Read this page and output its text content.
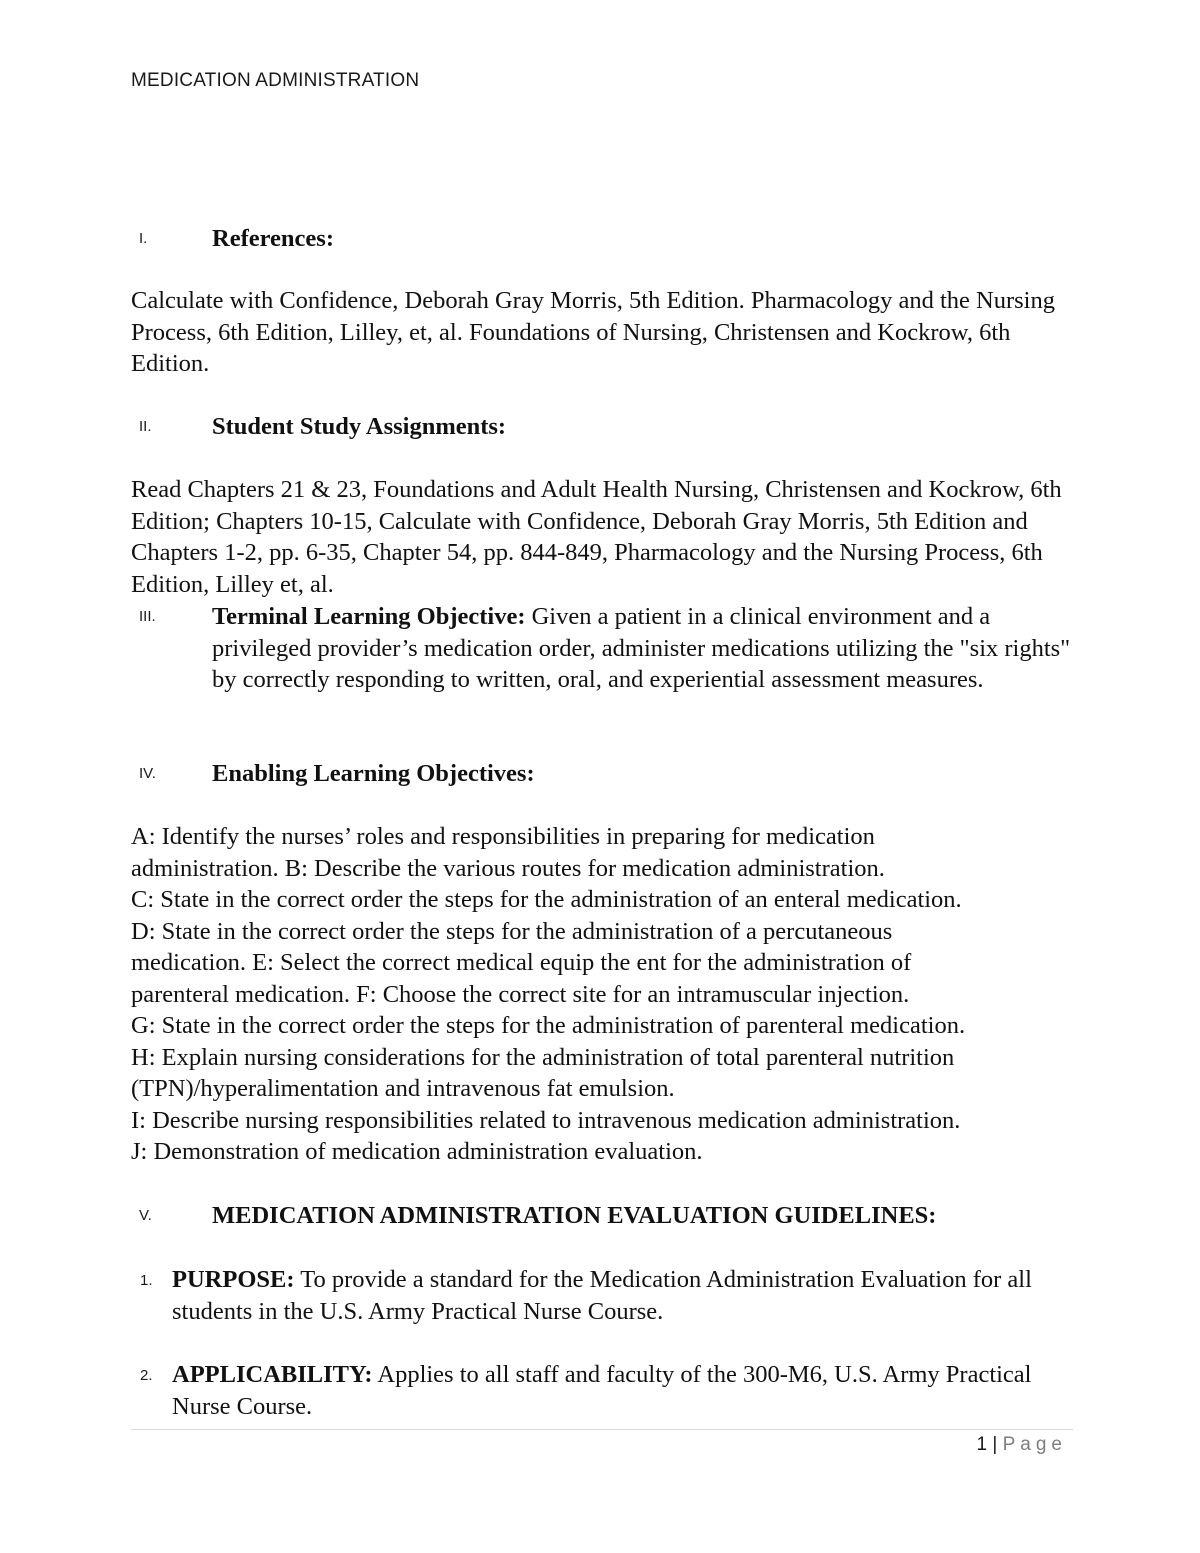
MEDICATION ADMINISTRATION
I.	References:

Calculate with Confidence, Deborah Gray Morris, 5th Edition. Pharmacology and the Nursing Process, 6th Edition, Lilley, et, al. Foundations of Nursing, Christensen and Kockrow, 6th Edition.

II. Student Study Assignments:

Read Chapters 21 & 23, Foundations and Adult Health Nursing, Christensen and Kockrow, 6th Edition; Chapters 10-15, Calculate with Confidence, Deborah Gray Morris, 5th Edition and Chapters 1-2, pp. 6-35, Chapter 54, pp. 844-849, Pharmacology and the Nursing Process, 6th Edition, Lilley et, al.

III. Terminal Learning Objective: Given a patient in a clinical environment and a privileged provider’s medication order, administer medications utilizing the "six rights" by correctly responding to written, oral, and experiential assessment measures.

IV. Enabling Learning Objectives:
A: Identify the nurses’ roles and responsibilities in preparing for medication
administration. B: Describe the various routes for medication administration.
C: State in the correct order the steps for the administration of an enteral medication.
D: State in the correct order the steps for the administration of a percutaneous
medication. E: Select the correct medical equip the ent for the administration of
parenteral medication. F: Choose the correct site for an intramuscular injection.
G: State in the correct order the steps for the administration of parenteral medication.
H: Explain nursing considerations for the administration of total parenteral nutrition
(TPN)/hyperalimentation and intravenous fat emulsion.
I: Describe nursing responsibilities related to intravenous medication administration.
J: Demonstration of medication administration evaluation.
V. MEDICATION ADMINISTRATION EVALUATION GUIDELINES:
1. PURPOSE: To provide a standard for the Medication Administration Evaluation for all students in the U.S. Army Practical Nurse Course.

2. APPLICABILITY: Applies to all staff and faculty of the 300-M6, U.S. Army Practical Nurse Course.

1 | Page
